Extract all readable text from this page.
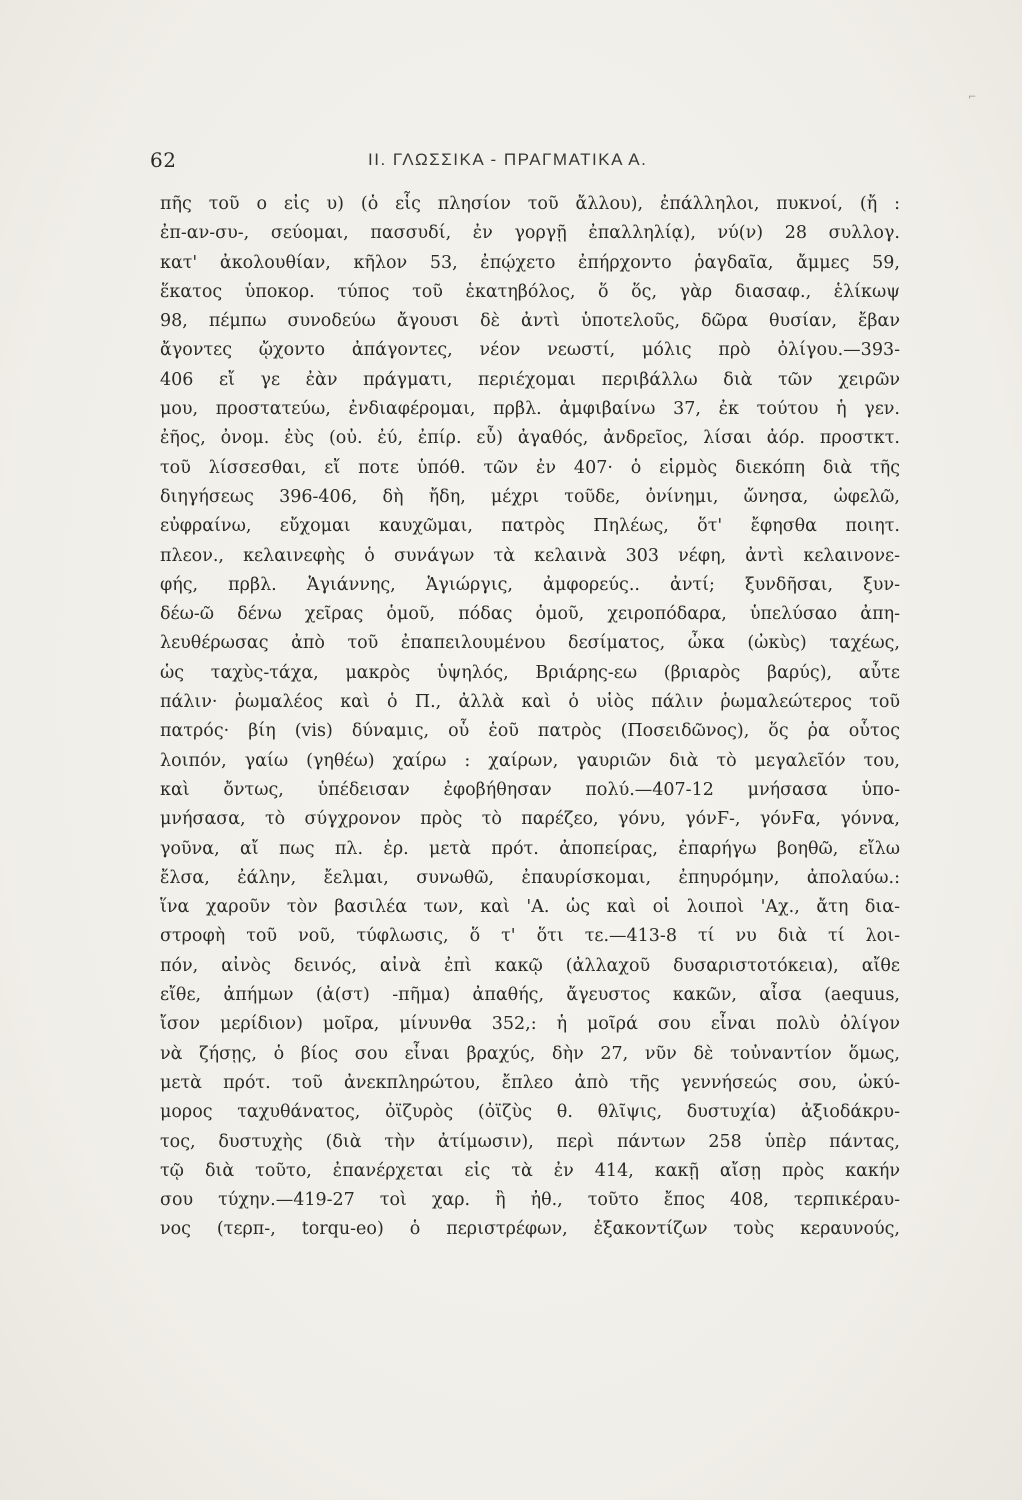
⌐
62	II. ΓΛΩΣΣΙΚΑ - ΠΡΑΓΜΑΤΙΚΑ Α.
πῆς τοῦ ο εἰς υ) (ὁ εἷς πλησίον τοῦ ἄλλου), ἐπάλληλοι, πυκνοί, (ἤ :
ἐπ-αν-συ-, σεύομαι, πασσυδί, ἐν γοργῇ ἐπαλληλίᾳ), νύ(ν) 28 συλλογ.
κατ' ἀκολουθίαν, κῆλον 53, ἐπῴχετο ἐπήρχοντο ῥαγδαῖα, ἄμμες 59,
ἕκατος ὑποκορ. τύπος τοῦ ἑκατηβόλος, ὅ ὅς, γὰρ διασαφ., ἑλίκωψ
98, πέμπω συνοδεύω ἄγουσι δὲ ἀντὶ ὑποτελοῦς, δῶρα θυσίαν, ἔβαν
ἄγοντες ᾤχοντο ἀπάγοντες, νέον νεωστί, μόλις πρὸ ὀλίγου.—393-
406 εἴ γε ἐὰν πράγματι, περιέχομαι περιβάλλω διὰ τῶν χειρῶν
μου, προστατεύω, ἐνδιαφέρομαι, πρβλ. ἀμφιβαίνω 37, ἐκ τούτου ἡ γεν.
ἐῆος, ὀνομ. ἐὺς (οὐ. ἐύ, ἐπίρ. εὖ) ἀγαθός, ἀνδρεῖος, λίσαι ἀόρ. προστκτ.
τοῦ λίσσεσθαι, εἴ ποτε ὑπόθ. τῶν ἐν 407· ὁ εἱρμὸς διεκόπη διὰ τῆς
διηγήσεως 396-406, δὴ ἤδη, μέχρι τοῦδε, ὀνίνημι, ὤνησα, ὠφελῶ,
εὐφραίνω, εὔχομαι καυχῶμαι, πατρὸς Πηλέως, ὅτ' ἔφησθα ποιητ.
πλεον., κελαινεφὴς ὁ συνάγων τὰ κελαινὰ 303 νέφη, ἀντὶ κελαινονε-
φής, πρβλ. Ἁγιάννης, Ἁγιώργις, ἀμφορεύς.. ἀντί; ξυνδῆσαι, ξυν-
δέω-ῶ δένω χεῖρας ὁμοῦ, πόδας ὁμοῦ, χειροπόδαρα, ὑπελύσαο ἀπη-
λευθέρωσας ἀπὸ τοῦ ἐπαπειλουμένου δεσίματος, ὦκα (ὠκὺς) ταχέως,
ὡς ταχὺς-τάχα, μακρὸς ὑψηλός, Βριάρης-εω (βριαρὸς βαρύς), αὖτε
πάλιν· ῥωμαλέος καὶ ὁ Π., ἀλλὰ καὶ ὁ υἱὸς πάλιν ῥωμαλεώτερος τοῦ
πατρός· βίη (vis) δύναμις, οὗ ἑοῦ πατρὸς (Ποσειδῶνος), ὅς ῥα οὗτος
λοιπόν, γαίω (γηθέω) χαίρω : χαίρων, γαυριῶν διὰ τὸ μεγαλεῖόν του,
καὶ ὄντως, ὑπέδεισαν ἐφοβήθησαν πολύ.—407-12 μνήσασα ὑπο-
μνήσασα, τὸ σύγχρονον πρὸς τὸ παρέζεο, γόνυ, γόνϜ-, γόνϜα, γόννα,
γοῦνα, αἴ πως πλ. ἐρ. μετὰ πρότ. ἀποπείρας, ἐπαρήγω βοηθῶ, εἴλω
ἔλσα, ἐάλην, ἔελμαι, συνωθῶ, ἐπαυρίσκομαι, ἐπηυρόμην, ἀπολαύω.:
ἵνα χαροῦν τὸν βασιλέα των, καὶ 'Α. ὡς καὶ οἱ λοιποὶ 'Αχ., ἄτη δια-
στροφὴ τοῦ νοῦ, τύφλωσις, ὅ τ' ὅτι τε.—413-8 τί νυ διὰ τί λοι-
πόν, αἰνὸς δεινός, αἰνὰ ἐπὶ κακῷ (ἀλλαχοῦ δυσαριστοτόκεια), αἴθε
εἴθε, ἀπήμων (ἀ(στ) -πῆμα) ἀπαθής, ἄγευστος κακῶν, αἶσα (aequus,
ἴσον μερίδιον) μοῖρα, μίνυνθα 352,: ἡ μοῖρά σου εἶναι πολὺ ὀλίγον
νὰ ζήσῃς, ὁ βίος σου εἶναι βραχύς, δὴν 27, νῦν δὲ τοὐναντίον ὅμως,
μετὰ πρότ. τοῦ ἀνεκπληρώτου, ἔπλεο ἀπὸ τῆς γεννήσεώς σου, ὠκύ-
μορος ταχυθάνατος, ὀϊζυρὸς (ὀϊζὺς θ. θλῖψις, δυστυχία) ἀξιοδάκρυ-
τος, δυστυχὴς (διὰ τὴν ἀτίμωσιν), περὶ πάντων 258 ὑπὲρ πάντας,
τῷ διὰ τοῦτο, ἐπανέρχεται εἰς τὰ ἐν 414, κακῇ αἴσῃ πρὸς κακήν
σου τύχην.—419-27 τοὶ χαρ. ἢ ἠθ., τοῦτο ἔπος 408, τερπικέραυ-
νος (τερπ-, torqu-eo) ὁ περιστρέφων, ἐξακοντίζων τοὺς κεραυνούς,
